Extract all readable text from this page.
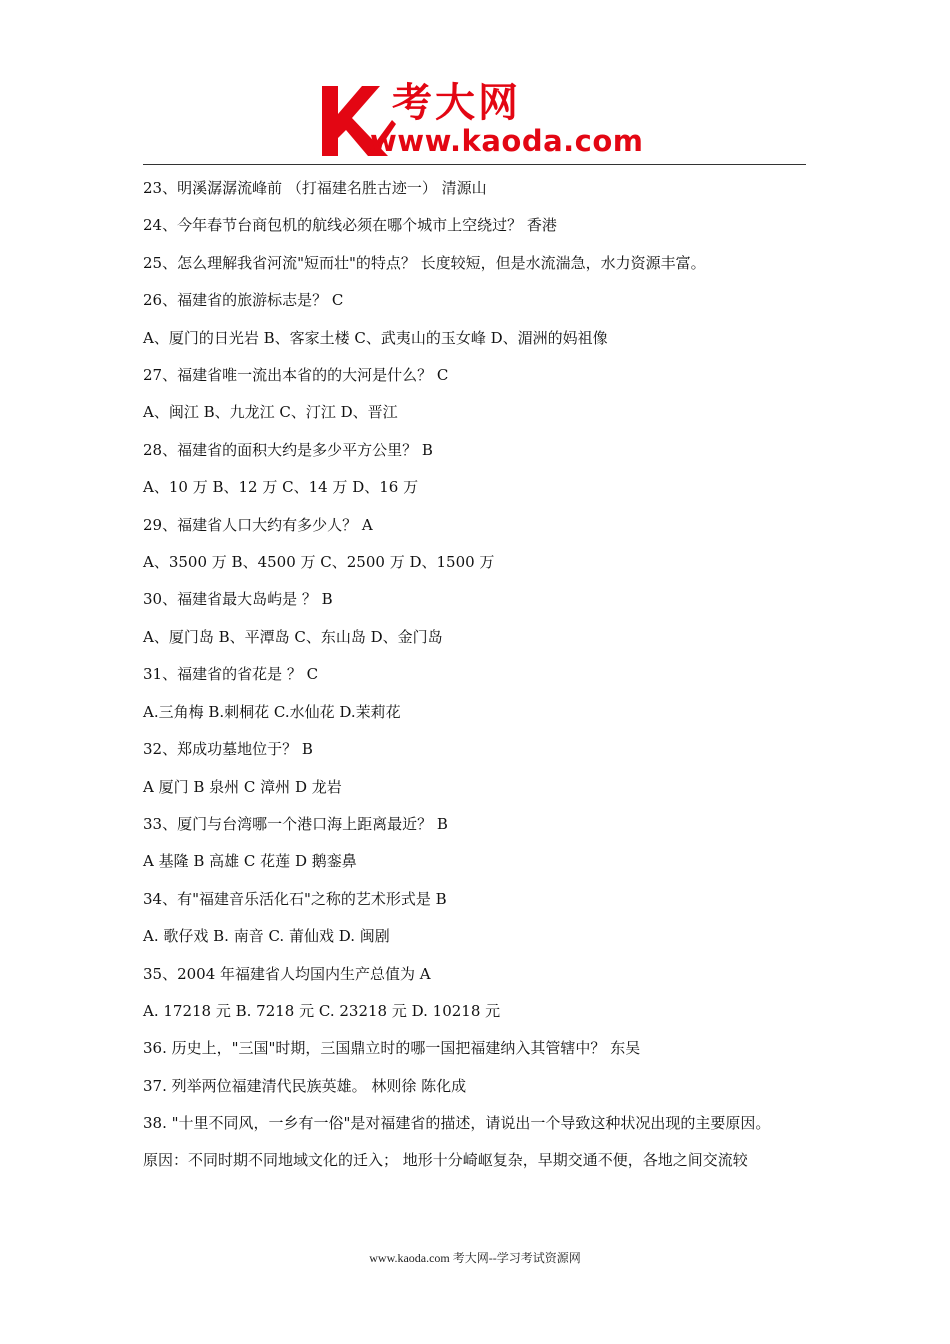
考大网
www.kaoda.com

23、明溪潺潺流峰前 （打福建名胜古迹一） 清源山

24、今年春节台商包机的航线必须在哪个城市上空绕过？ 香港

25、怎么理解我省河流"短而壮"的特点？ 长度较短，但是水流湍急，水力资源丰富。

26、福建省的旅游标志是？ C

A、厦门的日光岩 B、客家土楼 C、武夷山的玉女峰 D、湄洲的妈祖像

27、福建省唯一流出本省的的大河是什么？ C

A、闽江 B、九龙江 C、汀江 D、晋江

28、福建省的面积大约是多少平方公里？ B

A、10 万 B、12 万 C、14 万 D、16 万

29、福建省人口大约有多少人？ A

A、3500 万 B、4500 万 C、2500 万 D、1500 万

30、福建省最大岛屿是 ？ B

A、厦门岛 B、平潭岛 C、东山岛 D、金门岛

31、福建省的省花是 ？ C

A.三角梅 B.刺桐花 C.水仙花 D.茉莉花

32、郑成功墓地位于？ B

A 厦门 B 泉州 C 漳州 D 龙岩

33、厦门与台湾哪一个港口海上距离最近？ B

A 基隆 B 高雄 C 花莲 D 鹅銮鼻

34、有"福建音乐活化石"之称的艺术形式是 B

A. 歌仔戏 B. 南音 C. 莆仙戏 D. 闽剧

35、2004 年福建省人均国内生产总值为 A

A. 17218 元 B. 7218 元 C. 23218 元 D. 10218 元

36. 历史上，"三国"时期，三国鼎立时的哪一国把福建纳入其管辖中？ 东吴

37. 列举两位福建清代民族英雄。 林则徐 陈化成

38. "十里不同风，一乡有一俗"是对福建省的描述，请说出一个导致这种状况出现的主要原因。

原因：不同时期不同地域文化的迁入； 地形十分崎岖复杂，早期交通不便，各地之间交流较

www.kaoda.com 考大网--学习考试资源网
